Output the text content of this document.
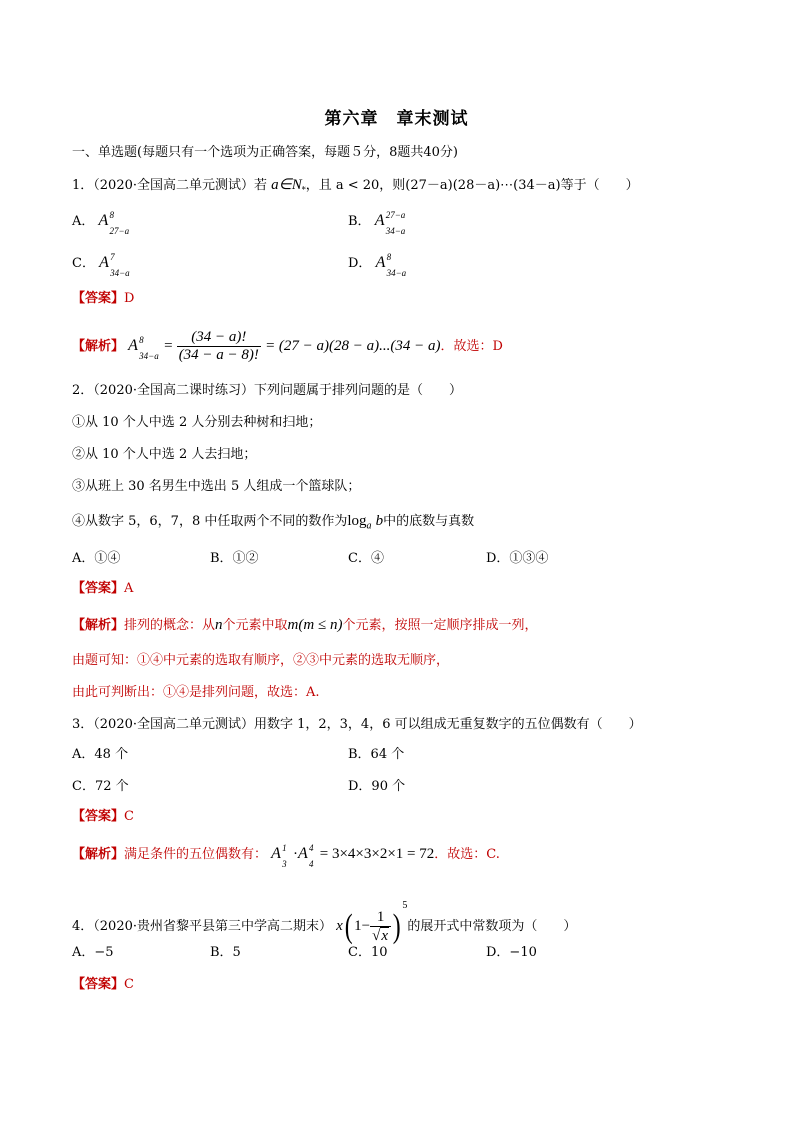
第六章　章末测试
一、单选题(每题只有一个选项为正确答案，每题５分，8题共40分)
1．（2020·全国高二单元测试）若 $a\in N_*$，且 a < 20，则(27－a)(28－a)⋯(34－a)等于（　　）
A． A 8
27−a
B． A 27−a
34−a
C． A 7
34−a
D． A 8
34−a
【答案】D
【解析】 A 8
34−a
= $\frac{(34 - a)!}{(34 - a - 8)!} = (27 - a)(28 - a)...(34 - a)$．故选：D
2．（2020·全国高二课时练习）下列问题属于排列问题的是（　　）
①从 10 个人中选 2 人分别去种树和扫地；
②从 10 个人中选 2 人去扫地；
③从班上 30 名男生中选出 5 人组成一个篮球队；
④从数字 5，6，7，8 中任取两个不同的数作为$\log_a b$中的底数与真数
A．①④	B．①②	C．④	D．①③④
【答案】A
【解析】排列的概念：从n个元素中取m(m ≤ n)个元素，按照一定顺序排成一列，
由题可知：①④中元素的选取有顺序，②③中元素的选取无顺序，
由此可判断出：①④是排列问题，故选：A.
3．（2020·全国高二单元测试）用数字 1，2，3，4，6 可以组成无重复数字的五位偶数有（　　）
A．48 个	B．64 个
C．72 个	D．90 个
【答案】C
【解析】满足条件的五位偶数有： A 1
3
·A 4
4
= 3×4×3×2×1 = 72．故选：C.
4．（2020·贵州省黎平县第三中学高二期末） x( $1- \frac{1}{√x} )^5$的展开式中常数项为（　　）
A．−5	B．5	C．10	D．−10
【答案】C
